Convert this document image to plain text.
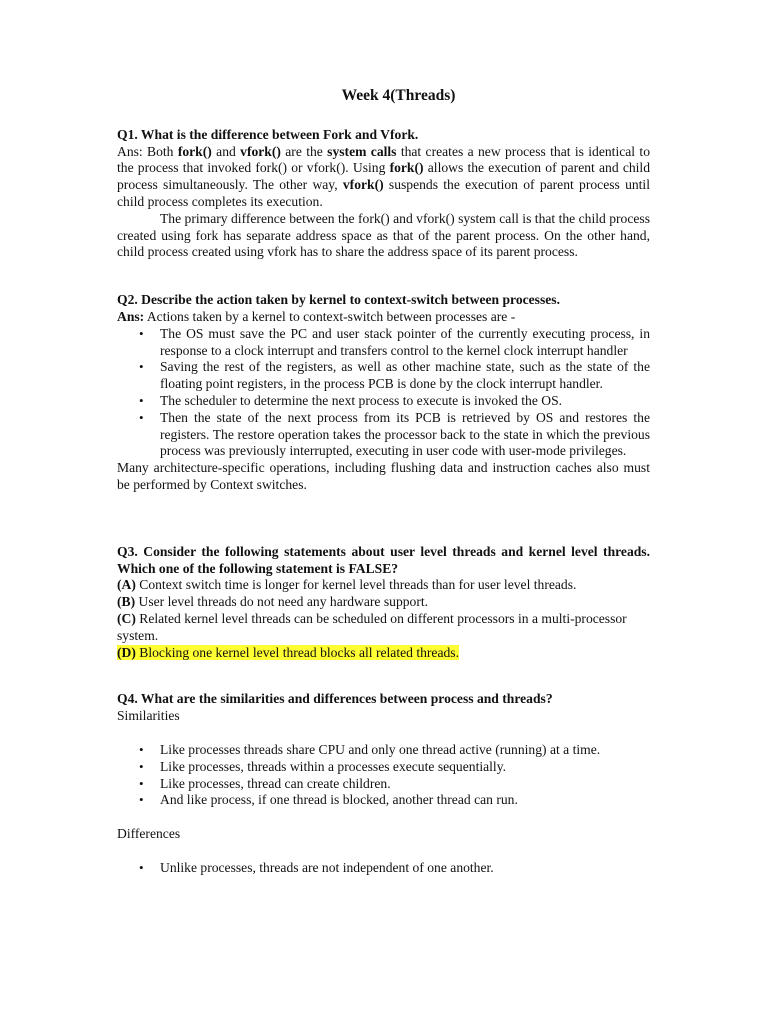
Week 4(Threads)

Q1. What is the difference between Fork and Vfork.

Ans: Both fork() and vfork() are the system calls that creates a new process that is identical to the process that invoked fork() or vfork(). Using fork() allows the execution of parent and child process simultaneously. The other way, vfork() suspends the execution of parent process until child process completes its execution.

The primary difference between the fork() and vfork() system call is that the child process created using fork has separate address space as that of the parent process. On the other hand, child process created using vfork has to share the address space of its parent process.

Q2. Describe the action taken by kernel to context-switch between processes.

Ans: Actions taken by a kernel to context-switch between processes are -

• The OS must save the PC and user stack pointer of the currently executing process, in response to a clock interrupt and transfers control to the kernel clock interrupt handler
• Saving the rest of the registers, as well as other machine state, such as the state of the floating point registers, in the process PCB is done by the clock interrupt handler.
• The scheduler to determine the next process to execute is invoked the OS.
• Then the state of the next process from its PCB is retrieved by OS and restores the registers. The restore operation takes the processor back to the state in which the previous process was previously interrupted, executing in user code with user-mode privileges.

Many architecture-specific operations, including flushing data and instruction caches also must be performed by Context switches.

Q3. Consider the following statements about user level threads and kernel level threads. Which one of the following statement is FALSE?

(A) Context switch time is longer for kernel level threads than for user level threads.

(B) User level threads do not need any hardware support.

(C) Related kernel level threads can be scheduled on different processors in a multi-processor system.

(D) Blocking one kernel level thread blocks all related threads.

Q4. What are the similarities and differences between process and threads?

Similarities

• Like processes threads share CPU and only one thread active (running) at a time.
• Like processes, threads within a processes execute sequentially.
• Like processes, thread can create children.
• And like process, if one thread is blocked, another thread can run.

Differences

• Unlike processes, threads are not independent of one another.
